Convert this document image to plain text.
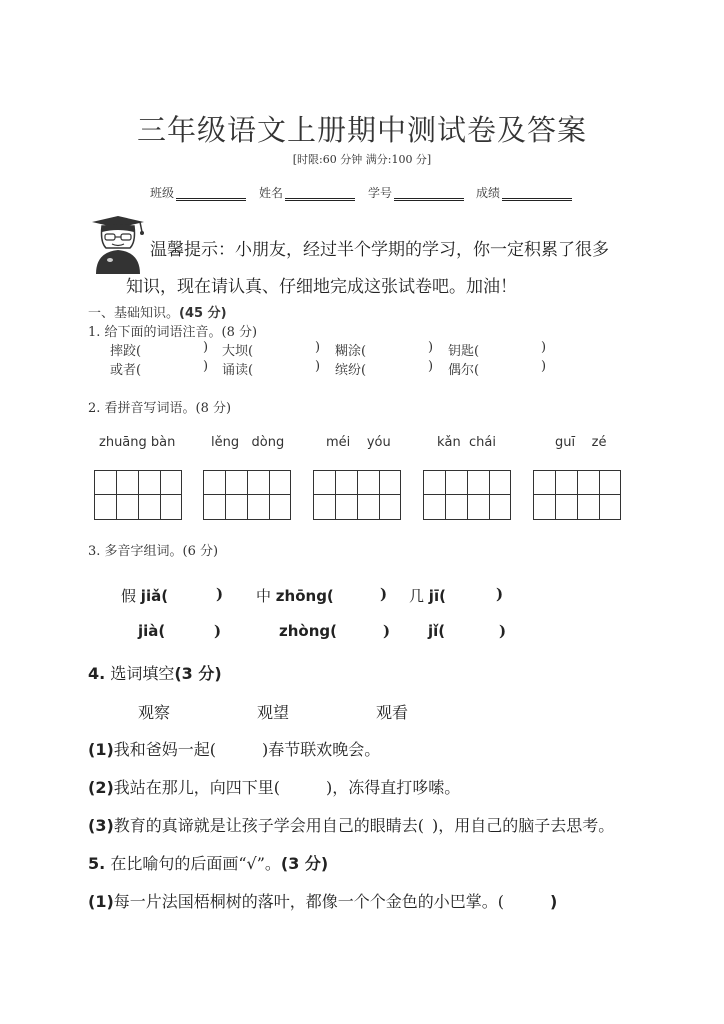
三年级语文上册期中测试卷及答案
[时限:60 分钟 满分:100 分]
班级	姓名	学号	成绩
温馨提示：小朋友，经过半个学期的学习，你一定积累了很多
知识，现在请认真、仔细地完成这张试卷吧。加油！
一、基础知识。(45 分)
1. 给下面的词语注音。(8 分)
摔跤(	) 大坝(	) 糊涂(	) 钥匙(	)
或者(	) 诵读(	) 缤纷(	) 偶尔(	)
2. 看拼音写词语。(8 分)
zhuāng bàn	lěng dòng	méi yóu	kǎn chái	guī zé
3. 多音字组词。(6 分)
假 jiǎ(	) 中 zhōng(	) 几 jī(	)
jià(	)	zhòng(	)	jǐ(	)
4. 选词填空(3 分)
观察	观望	观看
(1)我和爸妈一起(	)春节联欢晚会。
(2)我站在那儿，向四下里(	)，冻得直打哆嗦。
(3)教育的真谛就是让孩子学会用自己的眼睛去( )，用自己的脑子去思考。
5. 在比喻句的后面画“√”。(3 分)
(1)每一片法国梧桐树的落叶，都像一个个金色的小巴掌。(	)
